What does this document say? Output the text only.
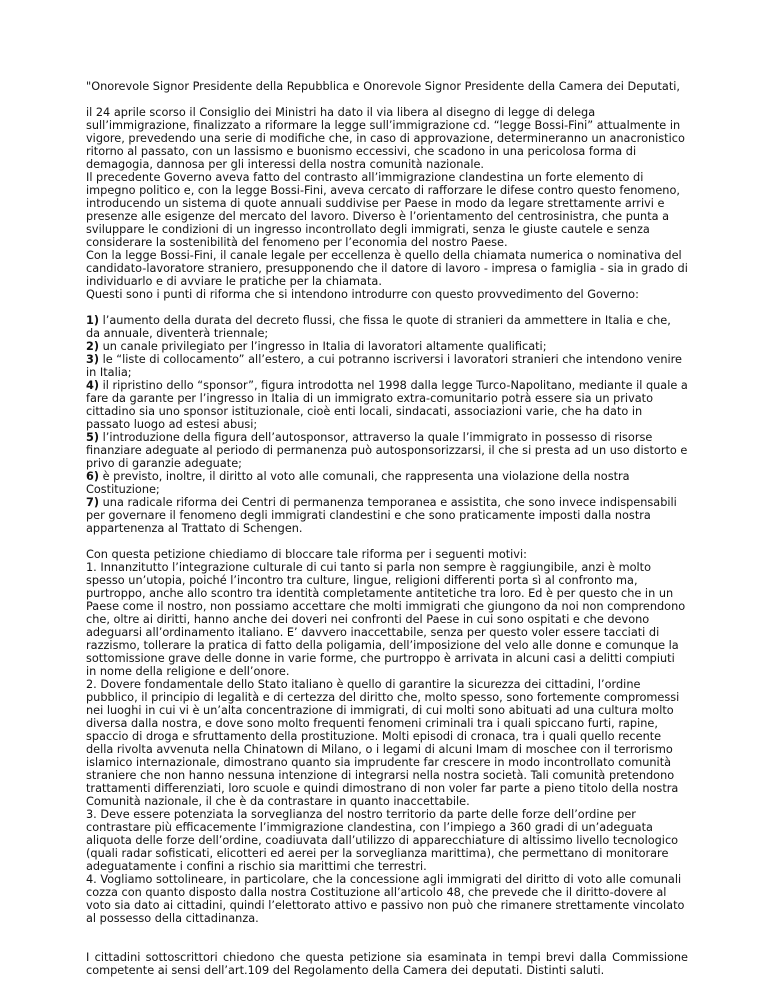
"Onorevole Signor Presidente della Repubblica e Onorevole Signor Presidente della Camera dei Deputati,

il 24 aprile scorso il Consiglio dei Ministri ha dato il via libera al disegno di legge di delega sull’immigrazione, finalizzato a riformare la legge sull’immigrazione cd. “legge Bossi-Fini” attualmente in vigore, prevedendo una serie di modifiche che, in caso di approvazione, determineranno un anacronistico ritorno al passato, con un lassismo e buonismo eccessivi, che scadono in una pericolosa forma di demagogia, dannosa per gli interessi della nostra comunità nazionale.

Il precedente Governo aveva fatto del contrasto all’immigrazione clandestina un forte elemento di impegno politico e, con la legge Bossi-Fini, aveva cercato di rafforzare le difese contro questo fenomeno, introducendo un sistema di quote annuali suddivise per Paese in modo da legare strettamente arrivi e presenze alle esigenze del mercato del lavoro. Diverso è l’orientamento del centrosinistra, che punta a sviluppare le condizioni di un ingresso incontrollato degli immigrati, senza le giuste cautele e senza considerare la sostenibilità del fenomeno per l’economia del nostro Paese.

Con la legge Bossi-Fini, il canale legale per eccellenza è quello della chiamata numerica o nominativa del candidato-lavoratore straniero, presupponendo che il datore di lavoro - impresa o famiglia - sia in grado di individuarlo e di avviare le pratiche per la chiamata.

Questi sono i punti di riforma che si intendono introdurre con questo provvedimento del Governo:

1) l’aumento della durata del decreto flussi, che fissa le quote di stranieri da ammettere in Italia e che, da annuale, diventerà triennale;

2) un canale privilegiato per l’ingresso in Italia di lavoratori altamente qualificati;

3) le “liste di collocamento” all’estero, a cui potranno iscriversi i lavoratori stranieri che intendono venire in Italia;

4) il ripristino dello “sponsor”, figura introdotta nel 1998 dalla legge Turco-Napolitano, mediante il quale a fare da garante per l’ingresso in Italia di un immigrato extra-comunitario potrà essere sia un privato cittadino sia uno sponsor istituzionale, cioè enti locali, sindacati, associazioni varie, che ha dato in passato luogo ad estesi abusi;

5) l’introduzione della figura dell’autosponsor, attraverso la quale l’immigrato in possesso di risorse finanziare adeguate al periodo di permanenza può autosponsorizzarsi, il che si presta ad un uso distorto e privo di garanzie adeguate;

6) è previsto, inoltre, il diritto al voto alle comunali, che rappresenta una violazione della nostra Costituzione;

7) una radicale riforma dei Centri di permanenza temporanea e assistita, che sono invece indispensabili per governare il fenomeno degli immigrati clandestini e che sono praticamente imposti dalla nostra appartenenza al Trattato di Schengen.

Con questa petizione chiediamo di bloccare tale riforma per i seguenti motivi:

1. Innanzitutto l’integrazione culturale di cui tanto si parla non sempre è raggiungibile, anzi è molto spesso un’utopia, poiché l’incontro tra culture, lingue, religioni differenti porta sì al confronto ma, purtroppo, anche allo scontro tra identità completamente antitetiche tra loro. Ed è per questo che in un Paese come il nostro, non possiamo accettare che molti immigrati che giungono da noi non comprendono che, oltre ai diritti, hanno anche dei doveri nei confronti del Paese in cui sono ospitati e che devono adeguarsi all’ordinamento italiano. E’ davvero inaccettabile, senza per questo voler essere tacciati di razzismo, tollerare la pratica di fatto della poligamia, dell’imposizione del velo alle donne e comunque la sottomissione grave delle donne in varie forme, che purtroppo è arrivata in alcuni casi a delitti compiuti in nome della religione e dell’onore.

2. Dovere fondamentale dello Stato italiano è quello di garantire la sicurezza dei cittadini, l’ordine pubblico, il principio di legalità e di certezza del diritto che, molto spesso, sono fortemente compromessi nei luoghi in cui vi è un’alta concentrazione di immigrati, di cui molti sono abituati ad una cultura molto diversa dalla nostra, e dove sono molto frequenti fenomeni criminali tra i quali spiccano furti, rapine, spaccio di droga e sfruttamento della prostituzione. Molti episodi di cronaca, tra i quali quello recente della rivolta avvenuta nella Chinatown di Milano, o i legami di alcuni Imam di moschee con il terrorismo islamico internazionale, dimostrano quanto sia imprudente far crescere in modo incontrollato comunità straniere che non hanno nessuna intenzione di integrarsi nella nostra società. Tali comunità pretendono trattamenti differenziati, loro scuole e quindi dimostrano di non voler far parte a pieno titolo della nostra Comunità nazionale, il che è da contrastare in quanto inaccettabile.

3. Deve essere potenziata la sorveglianza del nostro territorio da parte delle forze dell’ordine per contrastare più efficacemente l’immigrazione clandestina, con l’impiego a 360 gradi di un’adeguata aliquota delle forze dell’ordine, coadiuvata dall’utilizzo di apparecchiature di altissimo livello tecnologico (quali radar sofisticati, elicotteri ed aerei per la sorveglianza marittima), che permettano di monitorare adeguatamente i confini a rischio sia marittimi che terrestri.

4. Vogliamo sottolineare, in particolare, che la concessione agli immigrati del diritto di voto alle comunali cozza con quanto disposto dalla nostra Costituzione all’articolo 48, che prevede che il diritto-dovere al voto sia dato ai cittadini, quindi l’elettorato attivo e passivo non può che rimanere strettamente vincolato al possesso della cittadinanza.

I cittadini sottoscrittori chiedono che questa petizione sia esaminata in tempi brevi dalla Commissione competente ai sensi dell’art.109 del Regolamento della Camera dei deputati. Distinti saluti.
